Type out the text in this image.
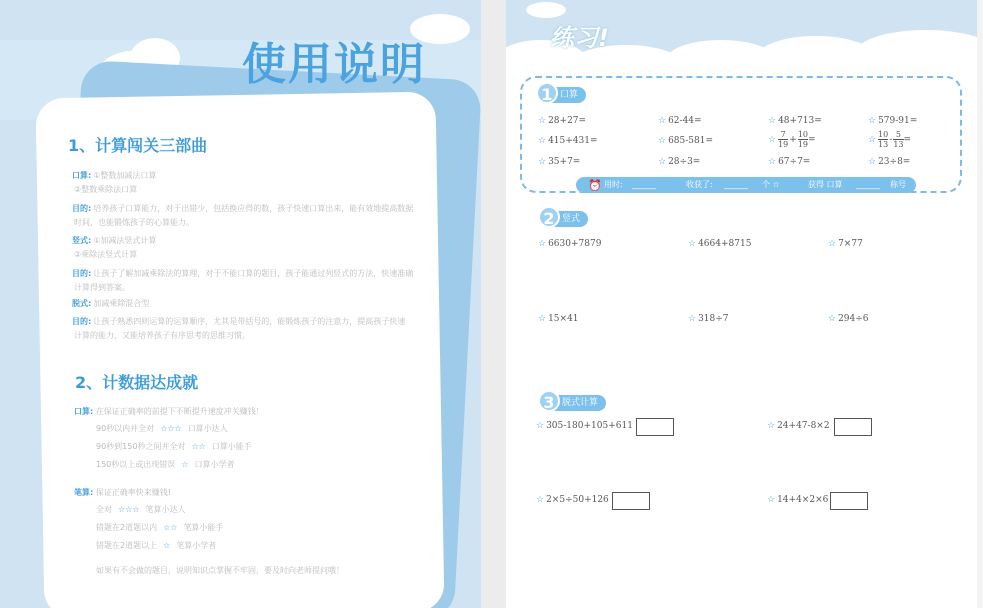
使用说明
1、计算闯关三部曲
口算: ①整数加减法口算
②整数乘除法口算
目的: 培养孩子口算能力，对于出错少，包括换应得的数，孩子快速口算出来，能有效地提高数据
时间，也能锻炼孩子的心算能力。
竖式: ①加减法竖式计算
②乘除法竖式计算
目的: 让孩子了解加减乘除法的算理，对于不能口算的题目，孩子能通过列竖式的方法，快速准确
计算得到答案。
脱式: 加减乘除混合型
目的: 让孩子熟悉四则运算的运算顺序，尤其是带括号的，能锻炼孩子的注意力，提高孩子快速
计算的能力，又能培养孩子有序思考的思维习惯。
2、计数据达成就
口算: 在保证正确率的前提下不断提升速度冲关赚钱！
90秒以内并全对 ☆☆☆ 口算小达人
90秒到150秒之间并全对 ☆☆ 口算小能手
150秒以上或出现错误 ☆ 口算小学者
笔算: 保证正确率快来赚钱!
全对 ☆☆☆ 笔算小达人
错题在2道题以内 ☆☆ 笔算小能手
错题在2道题以上 ☆ 笔算小学者
如果有不会做的题目，说明知识点掌握不牢固，要及时向老师提问哦！
练习!
1 口算
☆ 28+27=	☆ 62-44=	☆ 48+713=	☆ 579-91=
☆ 415+431=	☆ 685-581=	☆ $\frac{7}{19} + \frac{10}{19}$ =	☆ $\frac{10}{13} - \frac{5}{13}$ =
☆ 35+7=	☆ 28÷3=	☆ 67÷7=	☆ 23÷8=
⏰ 用时: ______	收获了: ______ 个 ☆	获得 口算 ______ 称号
2 竖式
☆ 6630+7879	☆ 4664+8715	☆ 7×77
☆ 15×41	☆ 318÷7	☆ 294÷6
3 脱式计算
☆ 305-180+105+611	☆ 24+47-8×2
☆ 2×5÷50+126	☆ 14+4×2×6
